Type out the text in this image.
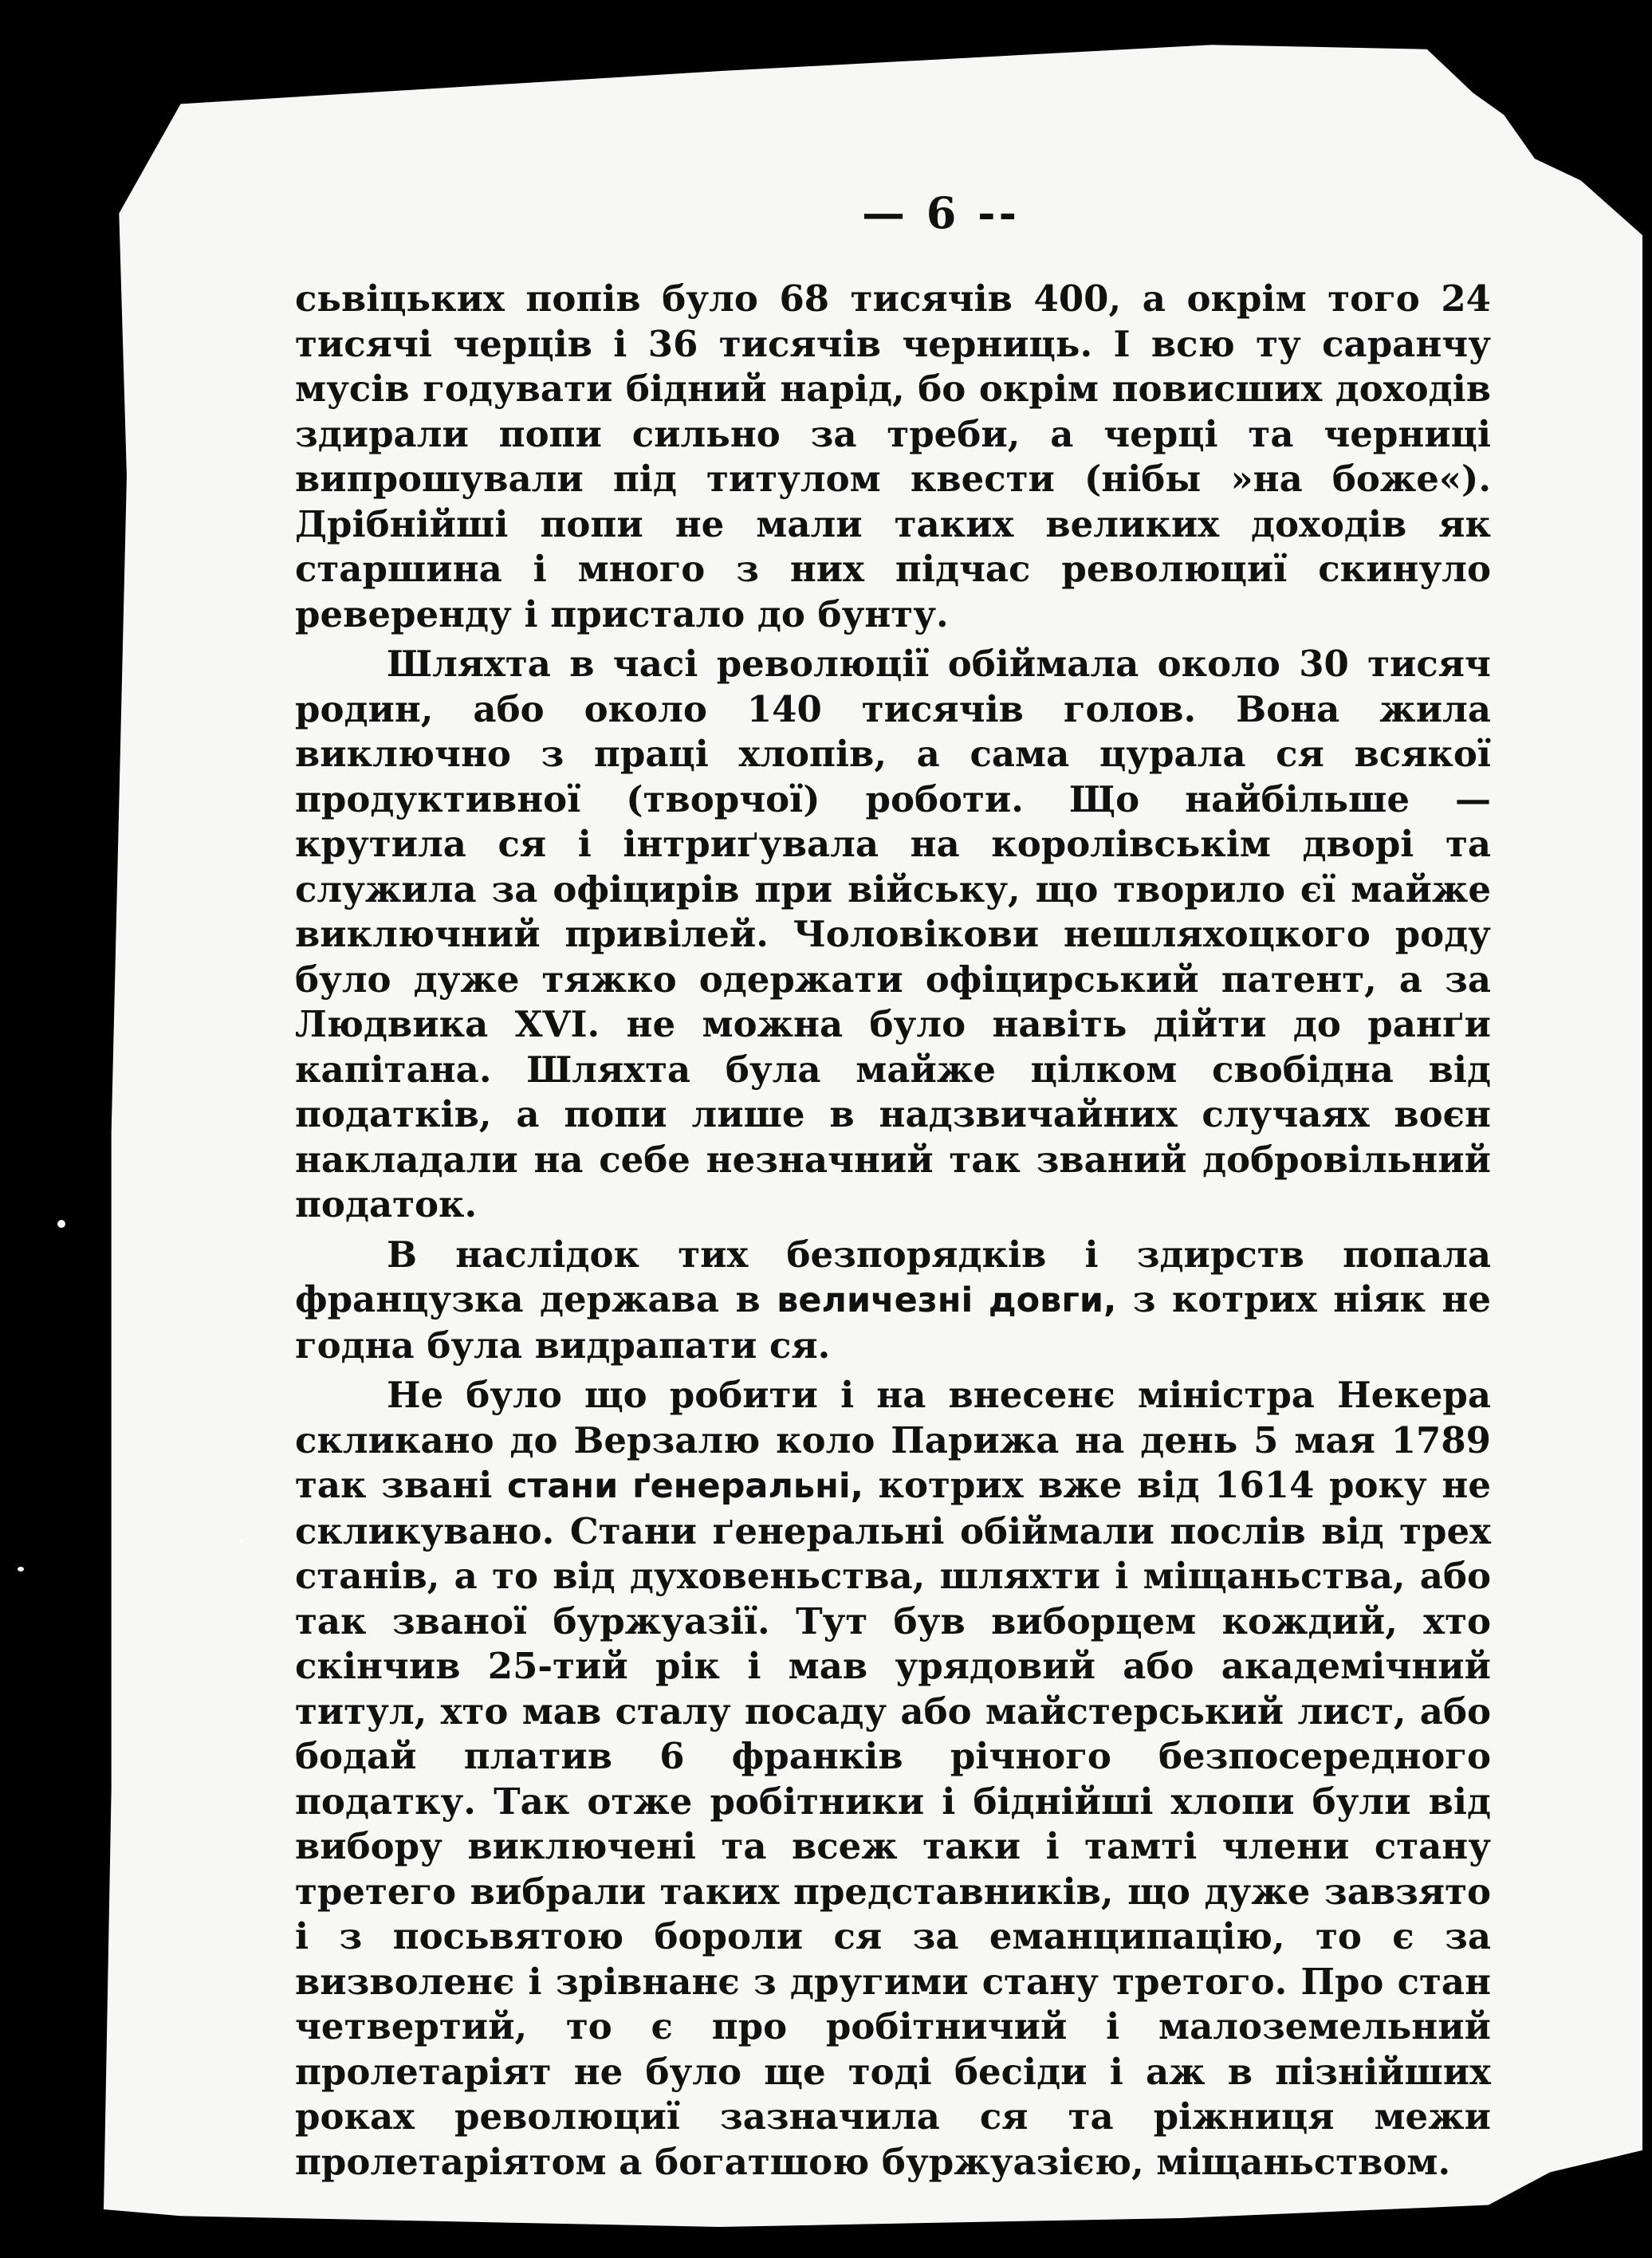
— 6 --

сьвіцьких попів було 68 тисячів 400, а окрім того 24 тисячі черців і 36 тисячів черниць. І всю ту саранчу мусів годувати бідний нарід, бо окрім повисших доходів здирали попи сильно за треби, а черці та черниці випрошували під титулом квести (нібы »на боже«). Дрібнійші попи не мали таких великих доходів як старшина і много з них підчас революциї скинуло реверенду і пристало до бунту.

Шляхта в часі революції обіймала около 30 тисяч родин, або около 140 тисячів голов. Вона жила виключно з праці хлопів, а сама цурала ся всякої продуктивної (творчої) роботи. Що найбільше — крутила ся і інтриґувала на королівськім дворі та служила за офіцирів при війську, що творило єї майже виключний привілей. Чоловікови нешляхоцкого роду було дуже тяжко одержати офіцирський патент, а за Людвика XVI. не можна було навіть дійти до ранґи капітана. Шляхта була майже цілком свобідна від податків, а попи лише в надзвичайних случаях воєн накладали на себе незначний так званий добровільний податок.

В наслідок тих безпорядків і здирств попала французка держава в величезні довги, з котрих ніяк не годна була видрапати ся.

Не було що робити і на внесенє міністра Некера скликано до Верзалю коло Парижа на день 5 мая 1789 так звані стани ґенеральні, котрих вже від 1614 року не скликувано. Стани ґенеральні обіймали послів від трех станів, а то від духовеньства, шляхти і міщаньства, або так званої буржуазії. Тут був виборцем кождий, хто скінчив 25-тий рік і мав урядовий або академічний титул, хто мав сталу посаду або майстерський лист, або бодай платив 6 франків річного безпосередного податку. Так отже робітники і біднійші хлопи були від вибору виключені та всеж таки і тамті члени стану третего вибрали таких представників, що дуже завзято і з посьвятою бороли ся за еманципацію, то є за визволенє і зрівнанє з другими стану третого. Про стан четвертий, то є про робітничий і малоземельний пролетаріят не було ще тоді бесіди і аж в пізнійших роках революциї зазначила ся та ріжниця межи пролетаріятом а богатшою буржуазією, міщаньством.
